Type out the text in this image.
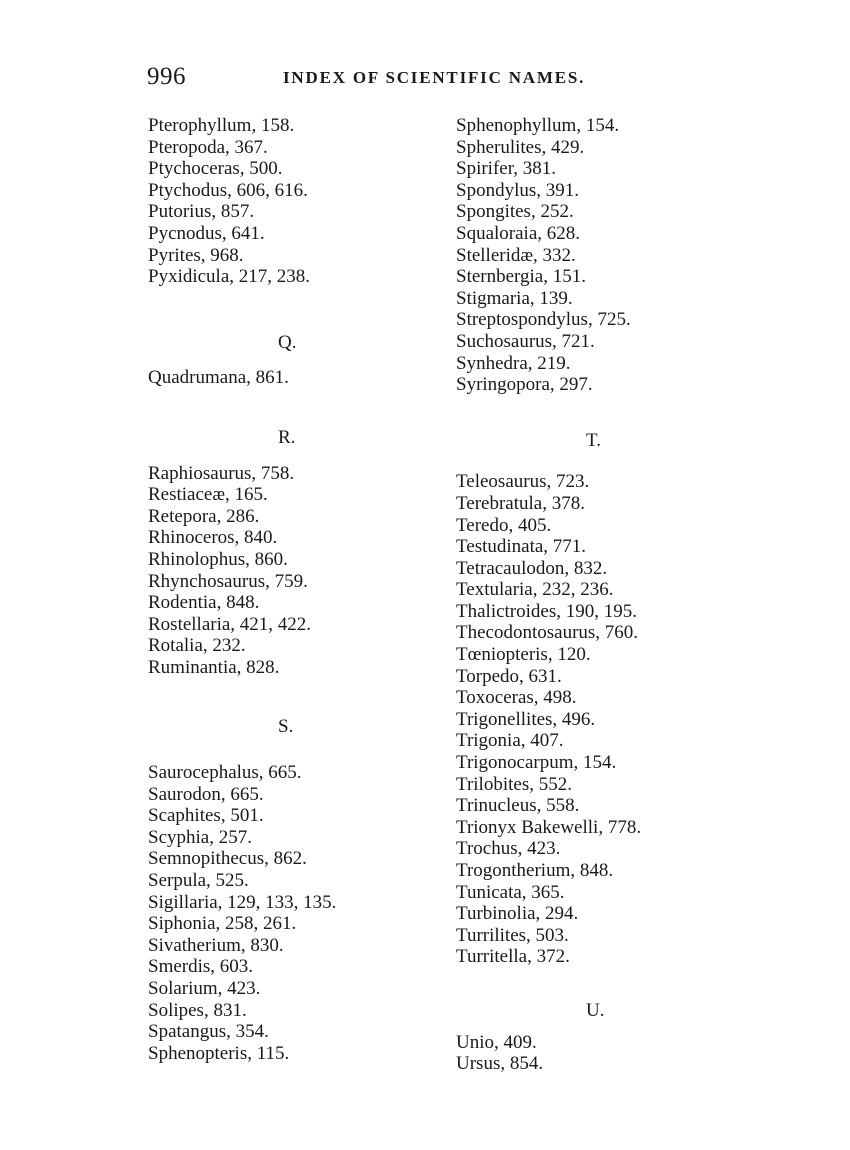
996	INDEX OF SCIENTIFIC NAMES.
Pterophyllum, 158.
Pteropoda, 367.
Ptychoceras, 500.
Ptychodus, 606, 616.
Putorius, 857.
Pycnodus, 641.
Pyrites, 968.
Pyxidicula, 217, 238.
Q.
Quadrumana, 861.
R.
Raphiosaurus, 758.
Restiaceæ, 165.
Retepora, 286.
Rhinoceros, 840.
Rhinolophus, 860.
Rhynchosaurus, 759.
Rodentia, 848.
Rostellaria, 421, 422.
Rotalia, 232.
Ruminantia, 828.
S.
Saurocephalus, 665.
Saurodon, 665.
Scaphites, 501.
Scyphia, 257.
Semnopithecus, 862.
Serpula, 525.
Sigillaria, 129, 133, 135.
Siphonia, 258, 261.
Sivatherium, 830.
Smerdis, 603.
Solarium, 423.
Solipes, 831.
Spatangus, 354.
Sphenopteris, 115.
Sphenophyllum, 154.
Spherulites, 429.
Spirifer, 381.
Spondylus, 391.
Spongites, 252.
Squaloraia, 628.
Stelleridæ, 332.
Sternbergia, 151.
Stigmaria, 139.
Streptospondylus, 725.
Suchosaurus, 721.
Synhedra, 219.
Syringopora, 297.
T.
Teleosaurus, 723.
Terebratula, 378.
Teredo, 405.
Testudinata, 771.
Tetracaulodon, 832.
Textularia, 232, 236.
Thalictroides, 190, 195.
Thecodontosaurus, 760.
Tœniopteris, 120.
Torpedo, 631.
Toxoceras, 498.
Trigonellites, 496.
Trigonia, 407.
Trigonocarpum, 154.
Trilobites, 552.
Trinucleus, 558.
Trionyx Bakewelli, 778.
Trochus, 423.
Trogontherium, 848.
Tunicata, 365.
Turbinolia, 294.
Turrilites, 503.
Turritella, 372.
U.
Unio, 409.
Ursus, 854.
